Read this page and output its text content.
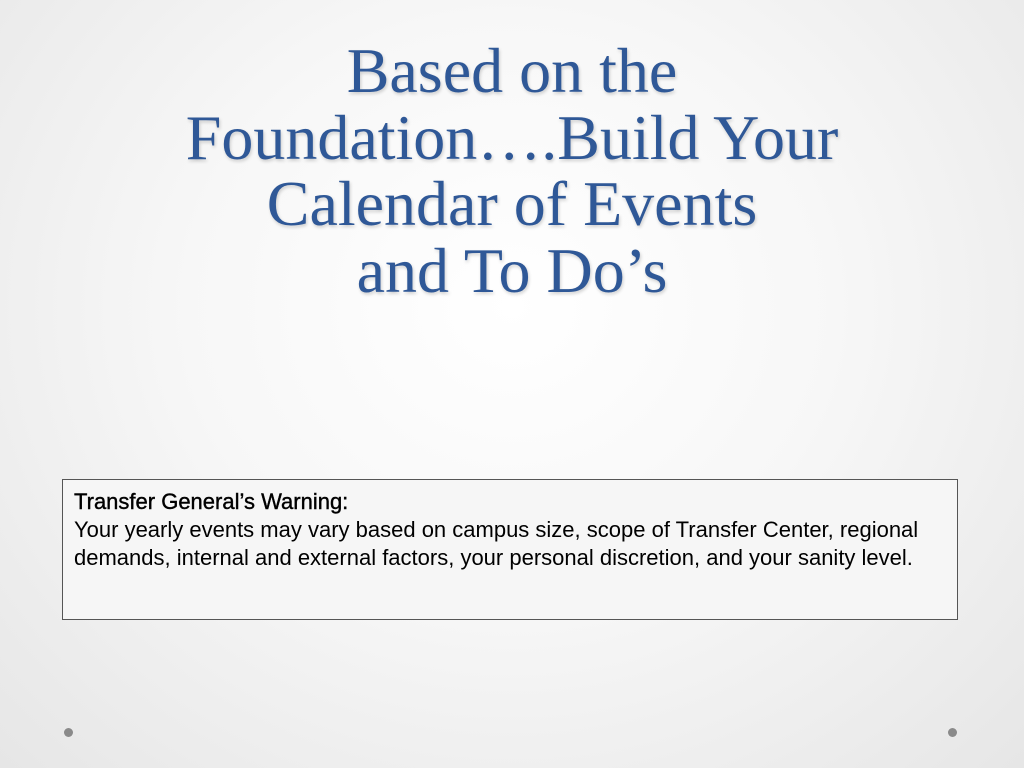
Based on the
Foundation….Build Your
Calendar of Events
and To Do’s
Transfer General’s Warning:
Your yearly events may vary based on campus size, scope of Transfer Center, regional demands, internal and external factors, your personal discretion, and your sanity level.
